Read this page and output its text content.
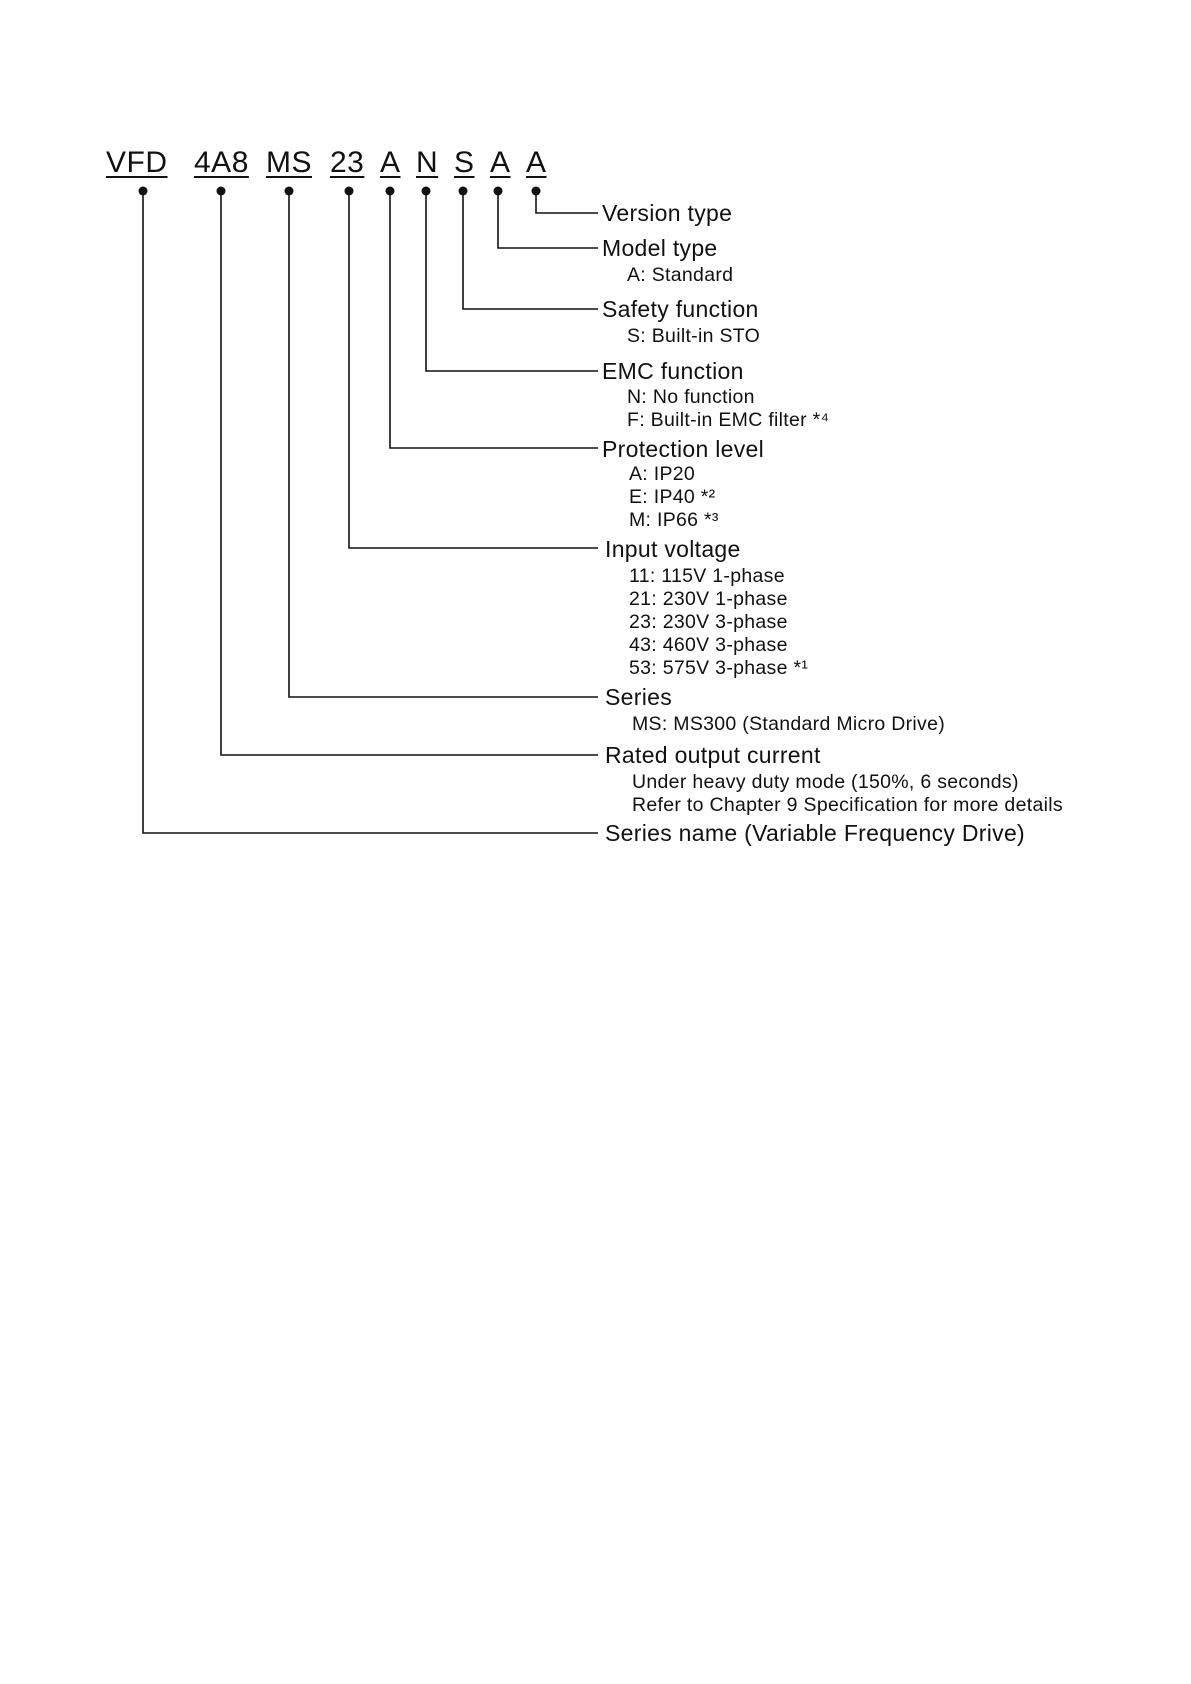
VFD 4A8 MS 23 A N S A A
Version type
Model type
A: Standard
Safety function
S: Built-in STO
EMC function
N: No function
F: Built-in EMC filter *⁴
Protection level
A: IP20
E: IP40 *²
M: IP66 *³
Input voltage
11: 115V 1-phase
21: 230V 1-phase
23: 230V 3-phase
43: 460V 3-phase
53: 575V 3-phase *¹
Series
MS: MS300 (Standard Micro Drive)
Rated output current
Under heavy duty mode (150%, 6 seconds)
Refer to Chapter 9 Specification for more details
Series name (Variable Frequency Drive)
